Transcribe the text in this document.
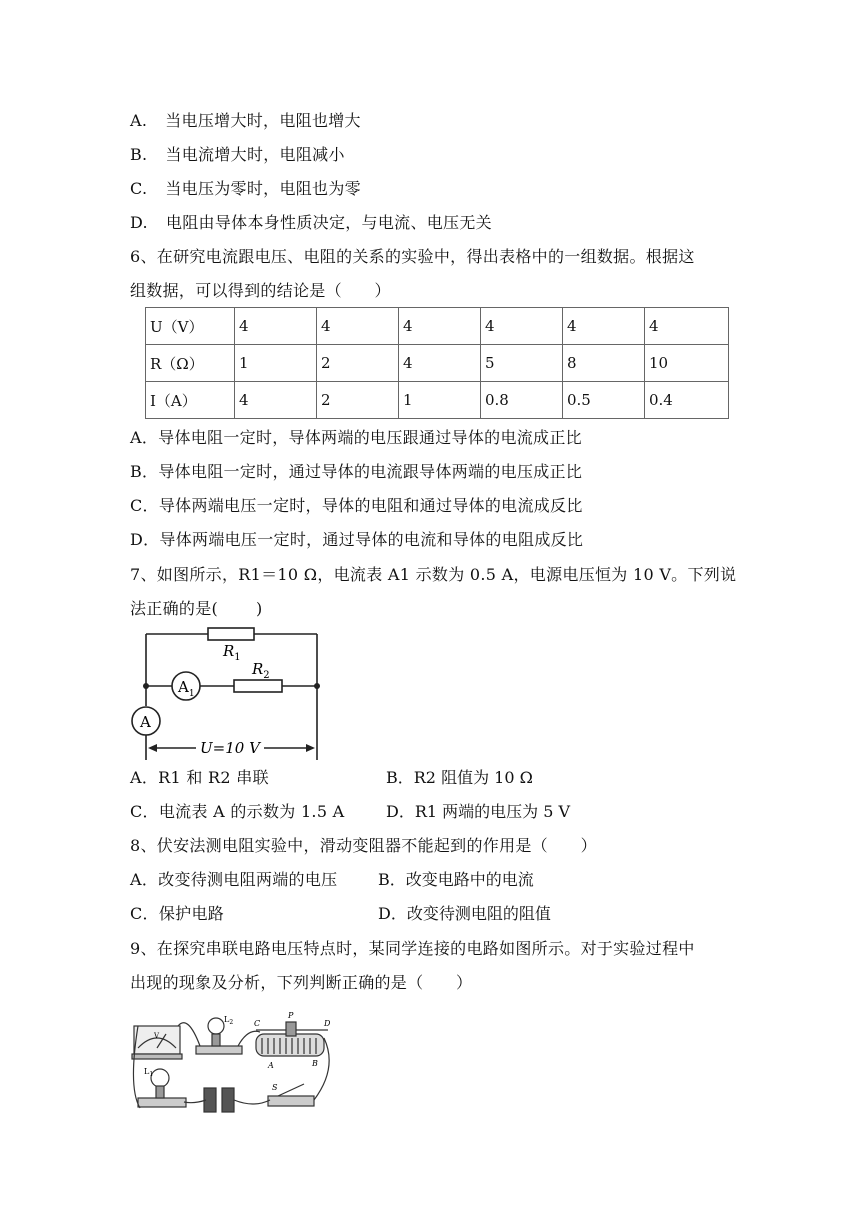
A. 当电压增大时，电阻也增大
B. 当电流增大时，电阻减小
C. 当电压为零时，电阻也为零
D. 电阻由导体本身性质决定，与电流、电压无关
6、在研究电流跟电压、电阻的关系的实验中，得出表格中的一组数据。根据这
组数据，可以得到的结论是（　　）
U（V）	4	4	4	4	4	4
R（Ω）	1	2	4	5	8	10
I（A）	4	2	1	0.8	0.5	0.4
A．导体电阻一定时，导体两端的电压跟通过导体的电流成正比
B．导体电阻一定时，通过导体的电流跟导体两端的电压成正比
C．导体两端电压一定时，导体的电阻和通过导体的电流成反比
D．导体两端电压一定时，通过导体的电流和导体的电阻成反比
7、如图所示，R1＝10 Ω，电流表 A1 示数为 0.5 A，电源电压恒为 10 V。下列说
法正确的是(　　 )
$R_1$
$R_2$
$A_1$
A
U=10 V
A．R1 和 R2 串联	B．R2 阻值为 10 Ω
C．电流表 A 的示数为 1.5 A	D．R1 两端的电压为 5 V
8、伏安法测电阻实验中，滑动变阻器不能起到的作用是（　　）
A．改变待测电阻两端的电压	B．改变电路中的电流
C．保护电路	D．改变待测电阻的阻值
9、在探究串联电路电压特点时，某同学连接的电路如图所示。对于实验过程中
出现的现象及分析，下列判断正确的是（　　）
$L_2$
V
C
P
D
A	B
$L_1$
S
